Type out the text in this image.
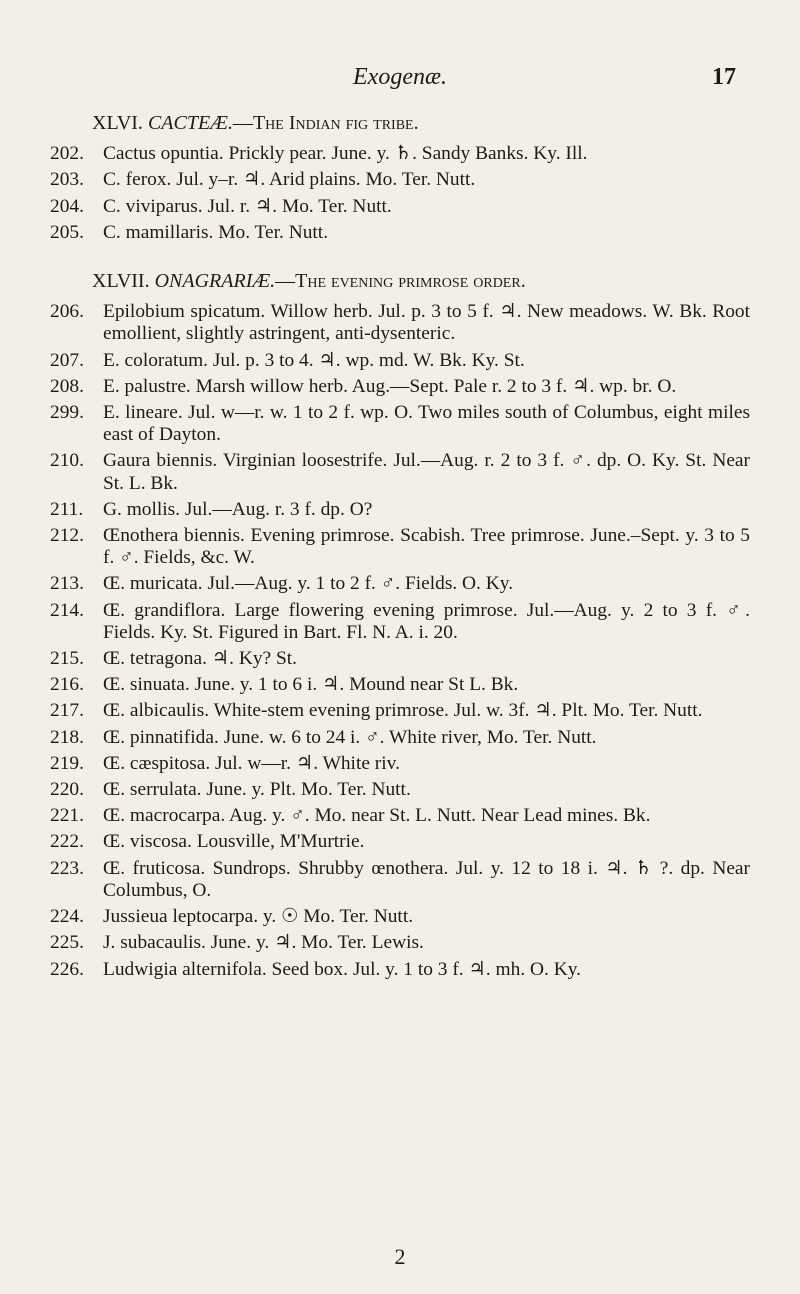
Exogenæ.	17
XLVI. CACTEÆ.—The Indian fig tribe.
202. Cactus opuntia. Prickly pear. June. y. ♄. Sandy Banks. Ky. Ill.
203. C. ferox. Jul. y–r. ♃. Arid plains. Mo. Ter. Nutt.
204. C. viviparus. Jul. r. ♃. Mo. Ter. Nutt.
205. C. mamillaris. Mo. Ter. Nutt.
XLVII. ONAGRARIÆ.—The evening primrose order.
206. Epilobium spicatum. Willow herb. Jul. p. 3 to 5 f. ♃. New meadows. W. Bk. Root emollient, slightly astringent, anti-dysenteric.
207. E. coloratum. Jul. p. 3 to 4. ♃. wp. md. W. Bk. Ky. St.
208. E. palustre. Marsh willow herb. Aug.—Sept. Pale r. 2 to 3 f. ♃. wp. br. O.
299. E. lineare. Jul. w—r. w. 1 to 2 f. wp. O. Two miles south of Columbus, eight miles east of Dayton.
210. Gaura biennis. Virginian loosestrife. Jul.—Aug. r. 2 to 3 f. ♂. dp. O. Ky. St. Near St. L. Bk.
211.	G. mollis. Jul.—Aug. r. 3 f. dp. O?
212. Œnothera biennis. Evening primrose. Scabish. Tree primrose. June.–Sept. y. 3 to 5 f. ♂. Fields, &c. W.
213. Œ. muricata. Jul.—Aug. y. 1 to 2 f. ♂. Fields. O. Ky.
214. Œ. grandiflora. Large flowering evening primrose. Jul.—Aug. y. 2 to 3 f. ♂. Fields. Ky. St. Figured in Bart. Fl. N. A. i. 20.
215. Œ. tetragona. ♃. Ky? St.
216. Œ. sinuata. June. y. 1 to 6 i. ♃. Mound near St L. Bk.
217. Œ. albicaulis. White-stem evening primrose. Jul. w. 3f. ♃. Plt. Mo. Ter. Nutt.
218. Œ. pinnatifida. June. w. 6 to 24 i. ♂. White river, Mo. Ter. Nutt.
219. Œ. cæspitosa. Jul. w—r. ♃. White riv.
220. Œ. serrulata. June. y. Plt. Mo. Ter. Nutt.
221. Œ. macrocarpa. Aug. y. ♂. Mo. near St. L. Nutt. Near Lead mines. Bk.
222. Œ. viscosa. Lousville, M'Murtrie.
223. Œ. fruticosa. Sundrops. Shrubby œnothera. Jul. y. 12 to 18 i. ♃. ♄ ?. dp. Near Columbus, O.
224. Jussieua leptocarpa. y. ☉ Mo. Ter. Nutt.
225. J. subacaulis. June. y. ♃. Mo. Ter. Lewis.
226. Ludwigia alternifola. Seed box. Jul. y. 1 to 3 f. ♃. mh. O. Ky.
2
